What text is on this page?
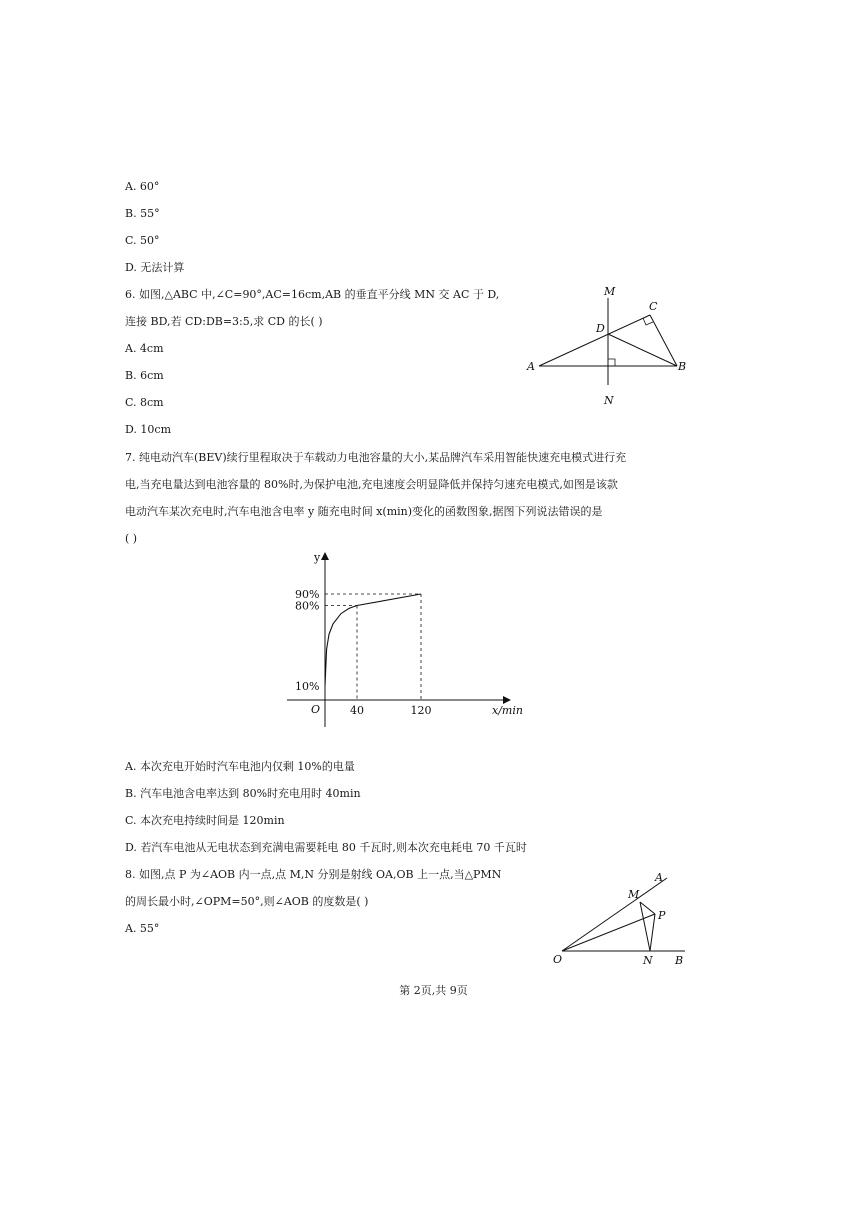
A. 60°
B. 55°
C. 50°
D. 无法计算
6. 如图,△ABC 中,∠C=90°,AC=16cm,AB 的垂直平分线 MN 交 AC 于 D,
连接 BD,若 CD:DB=3:5,求 CD 的长( )
A. 4cm
B. 6cm
C. 8cm
D. 10cm
M
C
D
A	B
N
7. 纯电动汽车(BEV)续行里程取决于车载动力电池容量的大小,某品牌汽车采用智能快速充电模式进行充
电,当充电量达到电池容量的 80%时,为保护电池,充电速度会明显降低并保持匀速充电模式,如图是该款
电动汽车某次充电时,汽车电池含电率 y 随充电时间 x(min)变化的函数图象,据图下列说法错误的是
( )
y
x/min
O	40	120
10%
80%
90%
A. 本次充电开始时汽车电池内仅剩 10%的电量
B. 汽车电池含电率达到 80%时充电用时 40min
C. 本次充电持续时间是 120min
D. 若汽车电池从无电状态到充满电需要耗电 80 千瓦时,则本次充电耗电 70 千瓦时
8. 如图,点 P 为∠AOB 内一点,点 M,N 分别是射线 OA,OB 上一点,当△PMN
的周长最小时,∠OPM=50°,则∠AOB 的度数是( )
A. 55°
A
M
P
O	N B
第 2页,共 9页
